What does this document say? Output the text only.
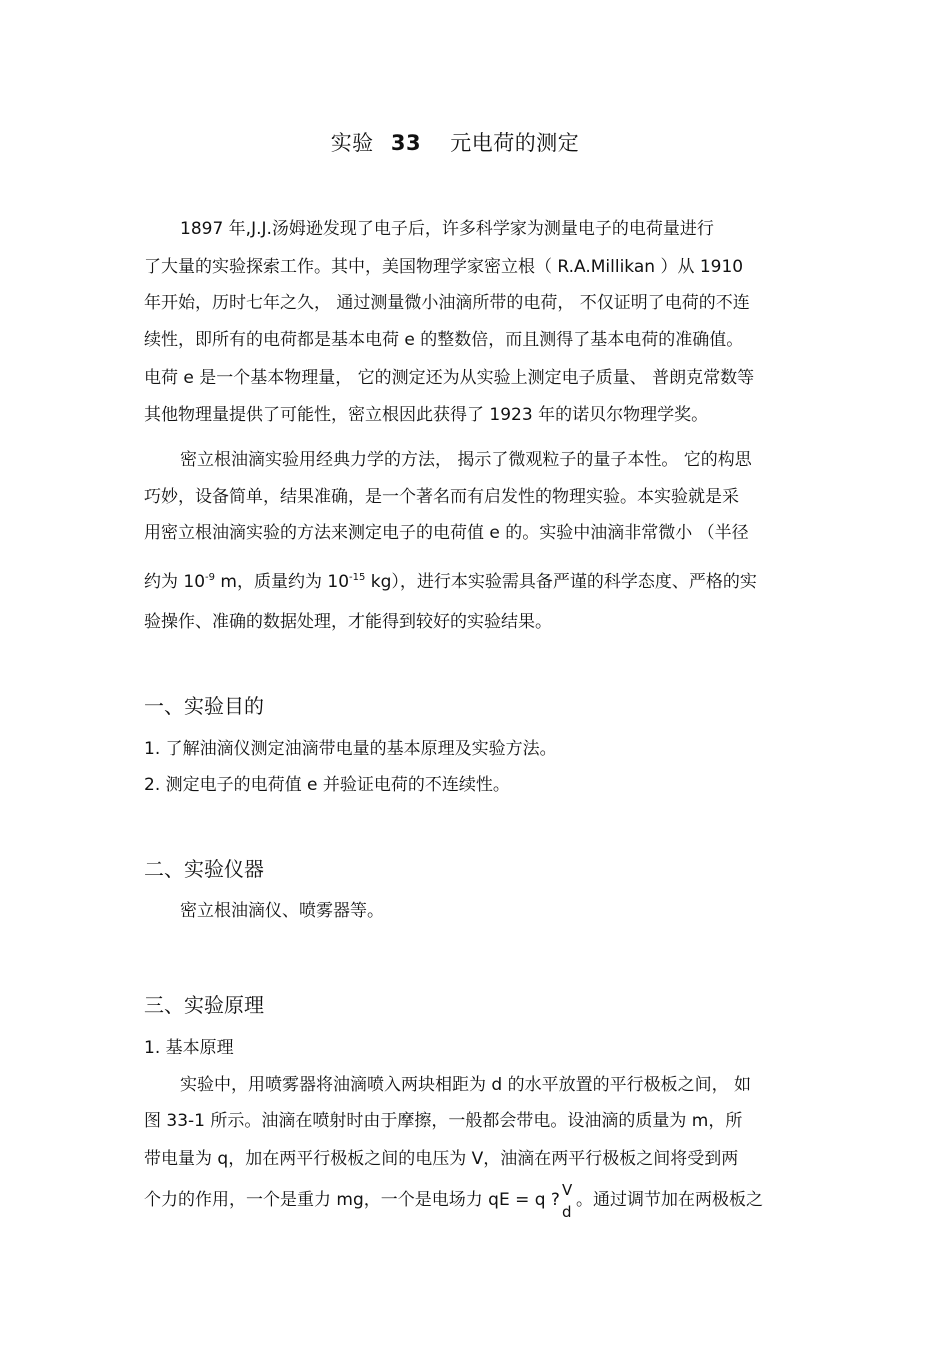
实验 33 元电荷的测定
1897 年,J.J.汤姆逊发现了电子后，许多科学家为测量电子的电荷量进行
了大量的实验探索工作。其中，美国物理学家密立根（ R.A.Millikan ）从 1910
年开始，历时七年之久， 通过测量微小油滴所带的电荷， 不仅证明了电荷的不连
续性，即所有的电荷都是基本电荷 e 的整数倍，而且测得了基本电荷的准确值。
电荷 e 是一个基本物理量， 它的测定还为从实验上测定电子质量、 普朗克常数等
其他物理量提供了可能性，密立根因此获得了 1923 年的诺贝尔物理学奖。
密立根油滴实验用经典力学的方法， 揭示了微观粒子的量子本性。 它的构思
巧妙，设备简单，结果准确，是一个著名而有启发性的物理实验。本实验就是采
用密立根油滴实验的方法来测定电子的电荷值 e 的。实验中油滴非常微小 （半径
约为 $10^{-9}$ m，质量约为 $10^{-15}$ kg），进行本实验需具备严谨的科学态度、严格的实
验操作、准确的数据处理，才能得到较好的实验结果。
一、实验目的
1. 了解油滴仪测定油滴带电量的基本原理及实验方法。
2. 测定电子的电荷值 e 并验证电荷的不连续性。
二、实验仪器
密立根油滴仪、喷雾器等。
三、实验原理
1. 基本原理
实验中，用喷雾器将油滴喷入两块相距为 d 的水平放置的平行极板之间， 如
图 33-1 所示。油滴在喷射时由于摩擦，一般都会带电。设油滴的质量为 m，所
带电量为 q，加在两平行极板之间的电压为 V，油滴在两平行极板之间将受到两
个力的作用，一个是重力 mg，一个是电场力 qE = q ? V
d
。通过调节加在两极板之
